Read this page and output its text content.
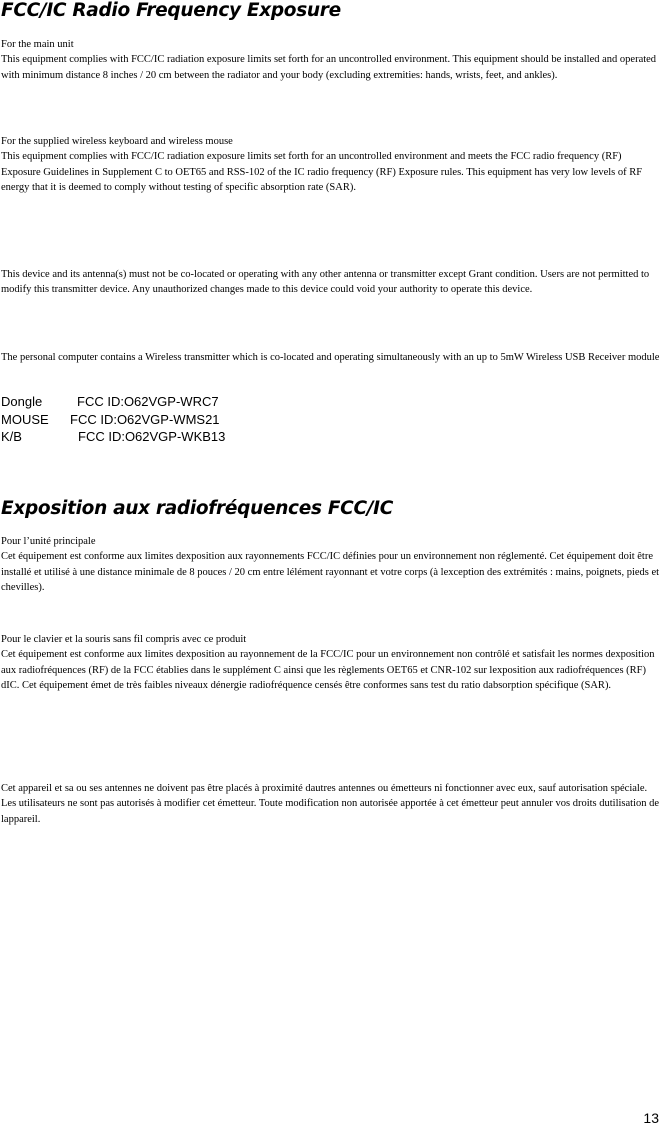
FCC/IC Radio Frequency Exposure
For the main unit

This equipment complies with FCC/IC radiation exposure limits set forth for an uncontrolled environment. This equipment should be installed and operated with minimum distance 8 inches / 20 cm between the radiator and your body (excluding extremities: hands, wrists, feet, and ankles).

For the supplied wireless keyboard and wireless mouse

This equipment complies with FCC/IC radiation exposure limits set forth for an uncontrolled environment and meets the FCC radio frequency (RF) Exposure Guidelines in Supplement C to OET65 and RSS-102 of the IC radio frequency (RF) Exposure rules. This equipment has very low levels of RF energy that it is deemed to comply without testing of specific absorption rate (SAR).

This device and its antenna(s) must not be co-located or operating with any other antenna or transmitter except Grant condition. Users are not permitted to modify this transmitter device. Any unauthorized changes made to this device could void your authority to operate this device.

The personal computer contains a Wireless transmitter which is co-located and operating simultaneously with an up to 5mW Wireless USB Receiver module

Dongle	FCC ID:O62VGP-WRC7
MOUSE	FCC ID:O62VGP-WMS21
K/B	FCC ID:O62VGP-WKB13
Exposition aux radiofréquences FCC/IC
Pour l’unité principale

Cet équipement est conforme aux limites dexposition aux rayonnements FCC/IC définies pour un environnement non réglementé. Cet équipement doit être installé et utilisé à une distance minimale de 8 pouces / 20 cm entre lélément rayonnant et votre corps (à lexception des extrémités : mains, poignets, pieds et chevilles).

Pour le clavier et la souris sans fil compris avec ce produit

Cet équipement est conforme aux limites dexposition au rayonnement de la FCC/IC pour un environnement non contrôlé et satisfait les normes dexposition aux radiofréquences (RF) de la FCC établies dans le supplément C ainsi que les règlements OET65 et CNR-102 sur lexposition aux radiofréquences (RF) dIC. Cet équipement émet de très faibles niveaux dénergie radiofréquence censés être conformes sans test du ratio dabsorption spécifique (SAR).

Cet appareil et sa ou ses antennes ne doivent pas être placés à proximité dautres antennes ou émetteurs ni fonctionner avec eux, sauf autorisation spéciale. Les utilisateurs ne sont pas autorisés à modifier cet émetteur. Toute modification non autorisée apportée à cet émetteur peut annuler vos droits dutilisation de lappareil.

13
